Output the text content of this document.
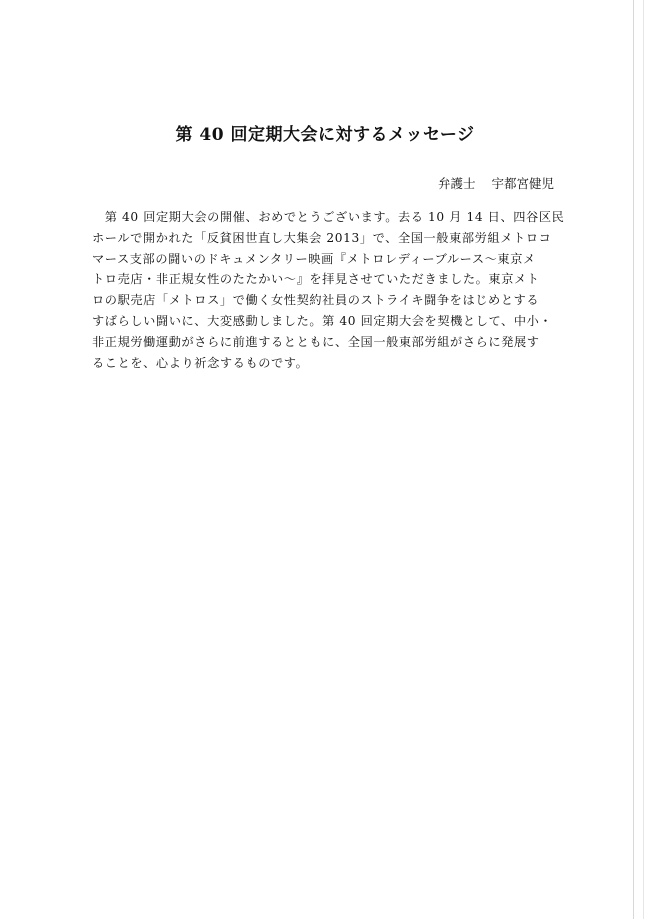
第 40 回定期大会に対するメッセージ
弁護士 宇都宮健児
　第 40 回定期大会の開催、おめでとうございます。去る 10 月 14 日、四谷区民
ホールで開かれた「反貧困世直し大集会 2013」で、全国一般東部労組メトロコ
マース支部の闘いのドキュメンタリー映画『メトロレディーブルース～東京メ
トロ売店・非正規女性のたたかい～』を拝見させていただきました。東京メト
ロの駅売店「メトロス」で働く女性契約社員のストライキ闘争をはじめとする
すばらしい闘いに、大変感動しました。第 40 回定期大会を契機として、中小・
非正規労働運動がさらに前進するとともに、全国一般東部労組がさらに発展す
ることを、心より祈念するものです。
